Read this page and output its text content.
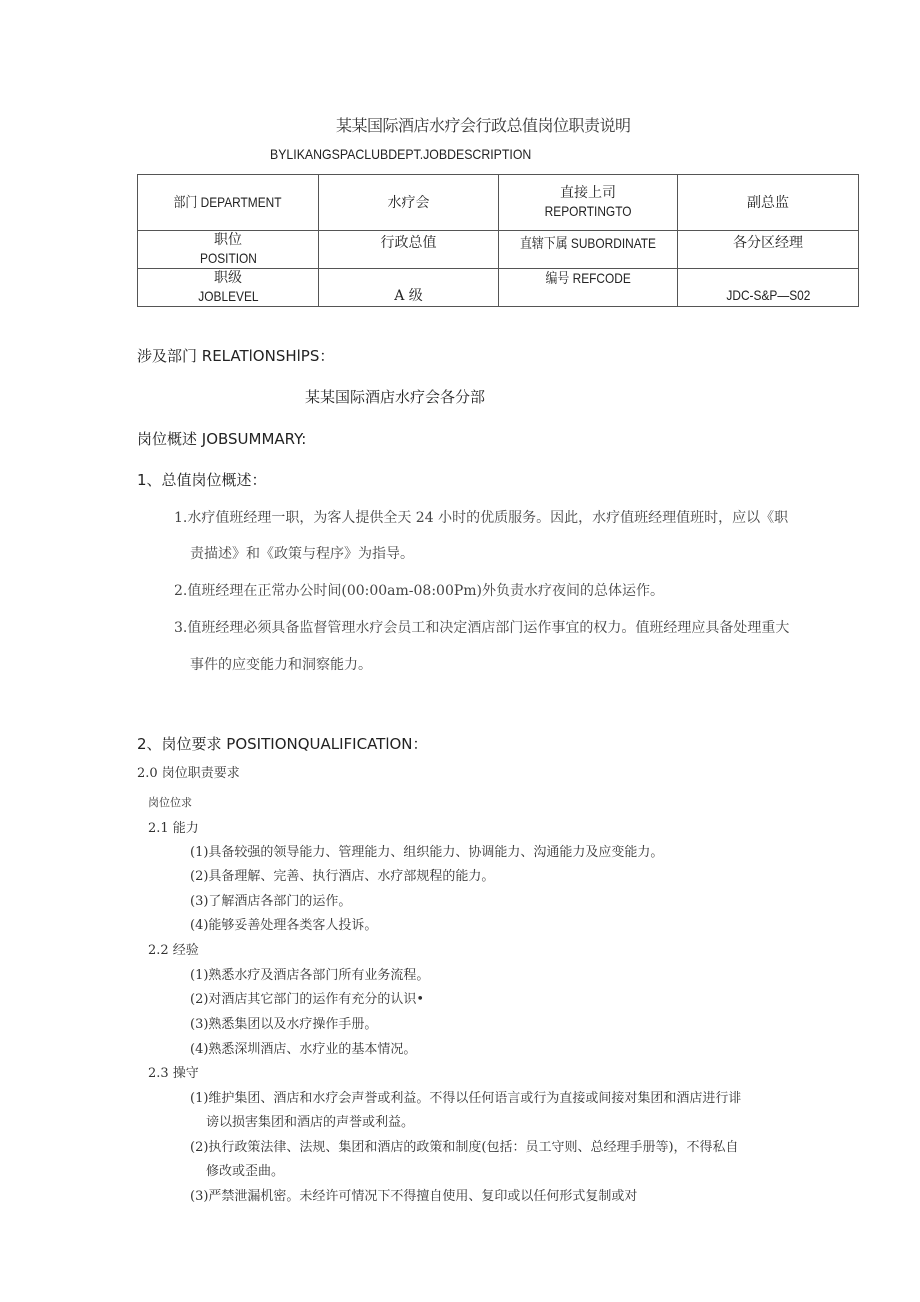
某某国际酒店水疗会行政总值岗位职责说明
BYLIKANGSPACLUBDEPT.JOBDESCRIPTION
部门 DEPARTMENT	水疗会	直接上司
REPORTINGTO	副总监

职位
POSITION	行政总值	直辖下属 SUBORDINATE	各分区经理

职级
JOBLEVEL	A 级	编号 REFCODE	JDC-S&P—S02
涉及部门 RELATlONSHlPS：
某某国际酒店水疗会各分部
岗位概述 JOBSUMMARY:
1、总值岗位概述：
1.水疗值班经理一职，为客人提供全天 24 小时的优质服务。因此，水疗值班经理值班时，应以《职
责描述》和《政策与程序》为指导。
2.值班经理在正常办公时间(00:00am-08:00Pm)外负责水疗夜间的总体运作。
3.值班经理必须具备监督管理水疗会员工和决定酒店部门运作事宜的权力。值班经理应具备处理重大
事件的应变能力和洞察能力。
2、岗位要求 POSITIONQUALIFICATlON：
2.0 岗位职责要求
岗位位求
2.1 能力
(1)具备较强的领导能力、管理能力、组织能力、协调能力、沟通能力及应变能力。
(2)具备理解、完善、执行酒店、水疗部规程的能力。
(3)了解酒店各部门的运作。
(4)能够妥善处理各类客人投诉。
2.2 经验
(1)熟悉水疗及酒店各部门所有业务流程。
(2)对酒店其它部门的运作有充分的认识•
(3)熟悉集团以及水疗操作手册。
(4)熟悉深圳酒店、水疗业的基本情况。
2.3 操守
(1)维护集团、酒店和水疗会声誉或利益。不得以任何语言或行为直接或间接对集团和酒店进行诽
谤以损害集团和酒店的声誉或利益。
(2)执行政策法律、法规、集团和酒店的政策和制度(包括：员工守则、总经理手册等)，不得私自
修改或歪曲。
(3)严禁泄漏机密。未经许可情况下不得擅自使用、复印或以任何形式复制或对
